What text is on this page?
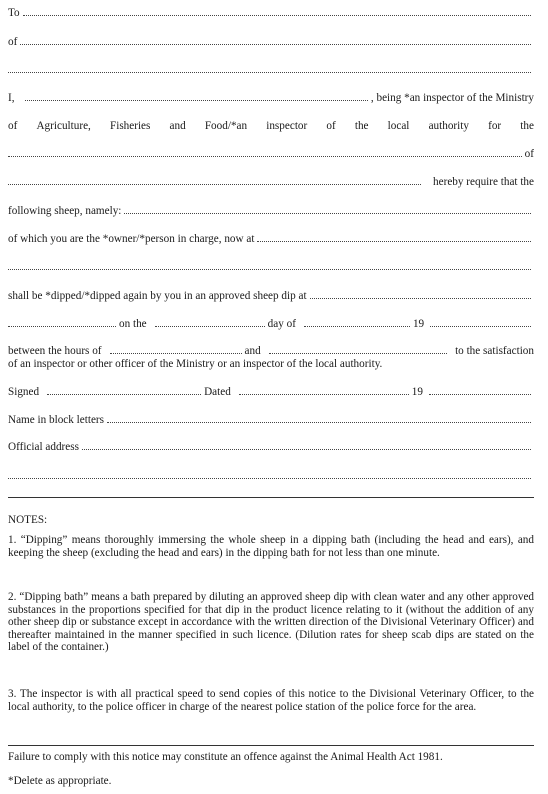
To
of
I,	, being *an inspector of the Ministry
of Agriculture, Fisheries and Food/*an inspector of the local authority for the
of
hereby require that the
following sheep, namely:
of which you are the *owner/*person in charge, now at
shall be *dipped/*dipped again by you in an approved sheep dip at
on the	day of	19
between the hours of	and	to the satisfaction
of an inspector or other officer of the Ministry or an inspector of the local authority.
Signed	Dated	19
Name in block letters
Official address
NOTES:
1. “Dipping” means thoroughly immersing the whole sheep in a dipping bath (including the head and ears), and keeping the sheep (excluding the head and ears) in the dipping bath for not less than one minute.
2. “Dipping bath” means a bath prepared by diluting an approved sheep dip with clean water and any other approved substances in the proportions specified for that dip in the product licence relating to it (without the addition of any other sheep dip or substance except in accordance with the written direction of the Divisional Veterinary Officer) and thereafter maintained in the manner specified in such licence. (Dilution rates for sheep scab dips are stated on the label of the container.)
3. The inspector is with all practical speed to send copies of this notice to the Divisional Veterinary Officer, to the local authority, to the police officer in charge of the nearest police station of the police force for the area.
Failure to comply with this notice may constitute an offence against the Animal Health Act 1981.
*Delete as appropriate.
